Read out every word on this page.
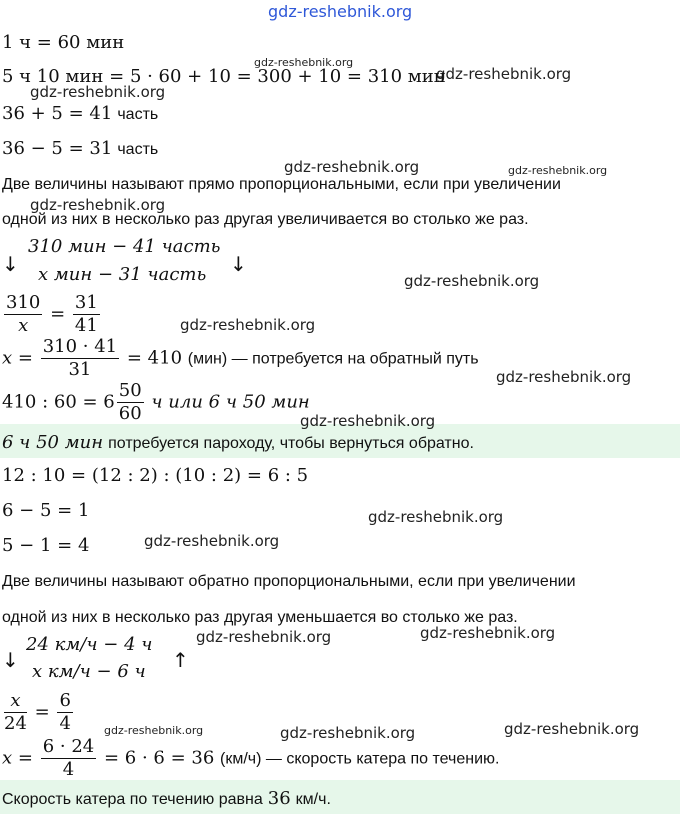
gdz-reshebnik.org
gdz-reshebnik.org
gdz-reshebnik.org
gdz-reshebnik.org
gdz-reshebnik.org	gdz-reshebnik.org
gdz-reshebnik.org
gdz-reshebnik.org
gdz-reshebnik.org
gdz-reshebnik.org
gdz-reshebnik.org
gdz-reshebnik.org
gdz-reshebnik.org
gdz-reshebnik.org	gdz-reshebnik.org
gdz-reshebnik.org	gdz-reshebnik.org	gdz-reshebnik.org
1 ч = 60 мин
5 ч 10 мин = 5 · 60 + 10 = 300 + 10 = 310 мин
36 + 5 = 41 часть
36 − 5 = 31 часть
Две величины называют прямо пропорциональными, если при увеличении
одной из них в несколько раз другая увеличивается во столько же раз.
↓
310 мин − 41 часть
x мин − 31 часть ↓
$\frac{310}{x} = \frac{31}{41}$
$x = \frac{310 \cdot 41}{31} = 410$ (мин) — потребуется на обратный путь
410 : $60 = 6 \frac{50}{60}$ ч или 6 ч 50 мин
6 ч 50 мин потребуется пароходу, чтобы вернуться обратно.
12 : 10 = (12 : 2) : (10 : 2) = 6 : 5
6 − 5 = 1
5 − 1 = 4
Две величины называют обратно пропорциональными, если при увеличении
одной из них в несколько раз другая уменьшается во столько же раз.
↓
24 км/ч − 4 ч
x км/ч − 6 ч ↑
$\frac{x}{24} = \frac{6}{4}$
$x = \frac{6 \cdot 24}{4} = 6 \cdot 6 = 36$ (км/ч) — скорость катера по течению.
Скорость катера по течению равна 36 км/ч.
